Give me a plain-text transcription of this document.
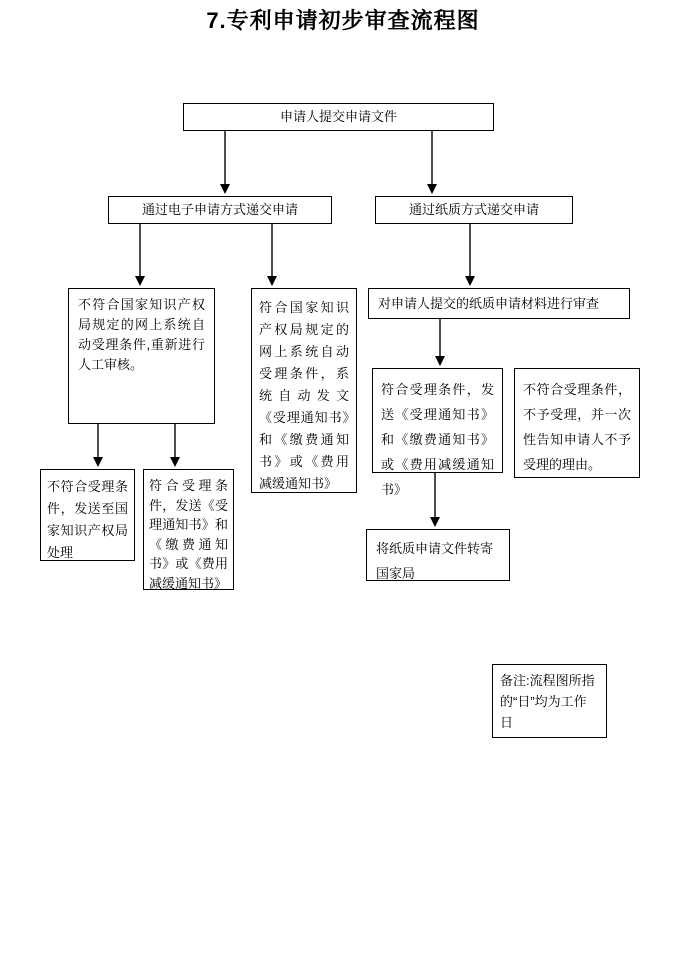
7.专利申请初步审查流程图
申请人提交申请文件
通过电子申请方式递交申请	通过纸质方式递交申请
不符合国家知识产权局规定的网上系统自动受理条件,重新进行人工审核。
符合国家知识产权局规定的网上系统自动受理条件，系统自动发文《受理通知书》和《缴费通知书》或《费用减缓通知书》
对申请人提交的纸质申请材料进行审查
符合受理条件，发送《受理通知书》和《缴费通知书》或《费用减缓通知书》
不符合受理条件，不予受理，并一次性告知申请人不予受理的理由。
不符合受理条件，发送至国家知识产权局处理
符合受理条件，发送《受理通知书》和《缴费通知书》或《费用减缓通知书》
将纸质申请文件转寄国家局
备注:流程图所指的“日”均为工作日
